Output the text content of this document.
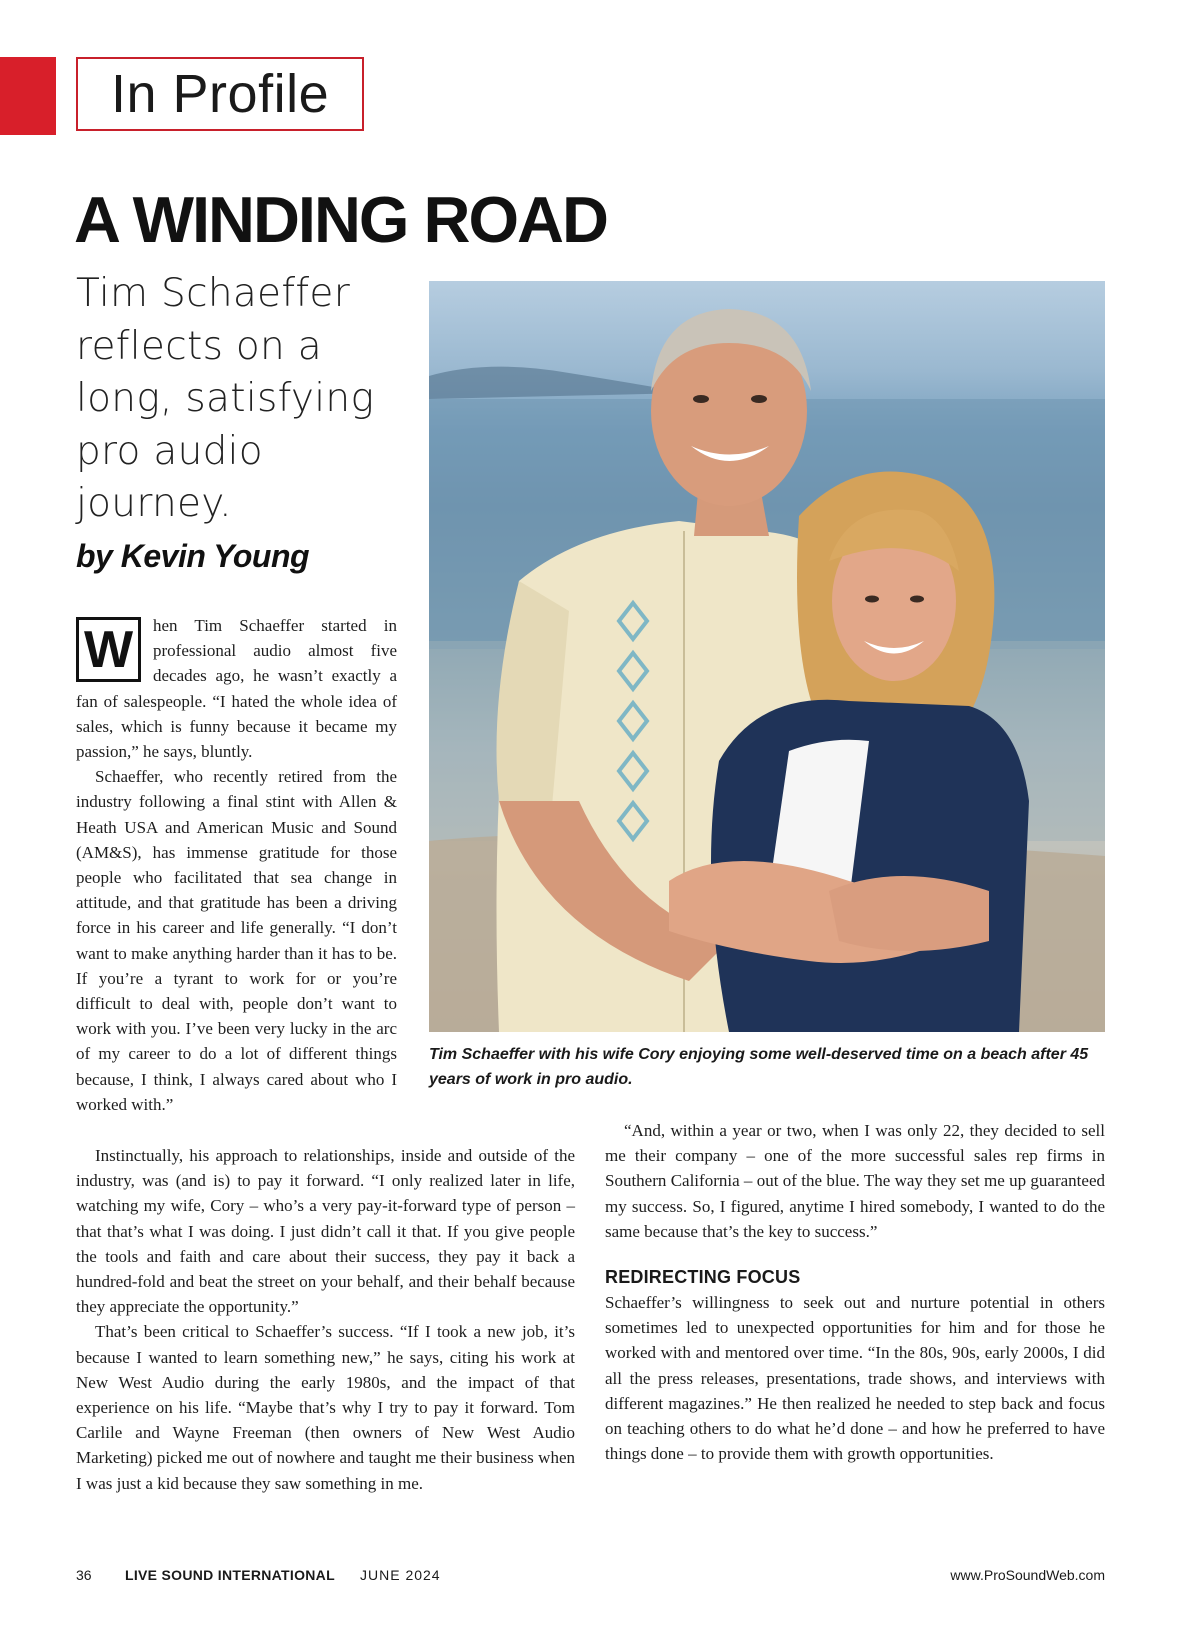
In Profile
A WINDING ROAD

Tim Schaeffer reflects on a long, satisfying pro audio journey.

by Kevin Young

Tim Schaeffer with his wife Cory enjoying some well-deserved time on a beach after 45 years of work in pro audio.

W	hen Tim Schaeffer started in professional audio almost five decades ago, he wasn’t exactly a fan of salespeople. “I hated the whole idea of sales, which is funny because it became my passion,” he says, bluntly.

Schaeffer, who recently retired from the industry following a final stint with Allen & Heath USA and American Music and Sound (AM&S), has immense gratitude for those people who facilitated that sea change in attitude, and that gratitude has been a driving force in his career and life generally. “I don’t want to make anything harder than it has to be. If you’re a tyrant to work for or you’re difficult to deal with, people don’t want to work with you. I’ve been very lucky in the arc of my career to do a lot of different things because, I think, I always cared about who I worked with.”

Instinctually, his approach to relationships, inside and outside of the industry, was (and is) to pay it forward. “I only realized later in life, watching my wife, Cory – who’s a very pay-it-forward type of person – that that’s what I was doing. I just didn’t call it that. If you give people the tools and faith and care about their success, they pay it back a hundred-fold and beat the street on your behalf, and their behalf because they appreciate the opportunity.”

That’s been critical to Schaeffer’s success. “If I took a new job, it’s because I wanted to learn something new,” he says, citing his work at New West Audio during the early 1980s, and the impact of that experience on his life. “Maybe that’s why I try to pay it forward. Tom Carlile and Wayne Freeman (then owners of New West Audio Marketing) picked me out of nowhere and taught me their business when I was just a kid because they saw something in me.

“And, within a year or two, when I was only 22, they decided to sell me their company – one of the more successful sales rep firms in Southern California – out of the blue. The way they set me up guaranteed my success. So, I figured, anytime I hired somebody, I wanted to do the same because that’s the key to success.”

REDIRECTING FOCUS

Schaeffer’s willingness to seek out and nurture potential in others sometimes led to unexpected opportunities for him and for those he worked with and mentored over time. “In the 80s, 90s, early 2000s, I did all the press releases, presentations, trade shows, and interviews with different magazines.” He then realized he needed to step back and focus on teaching others to do what he’d done – and how he preferred to have things done – to provide them with growth opportunities.

36 LIVE SOUND INTERNATIONAL JUNE 2024	www.ProSoundWeb.com
